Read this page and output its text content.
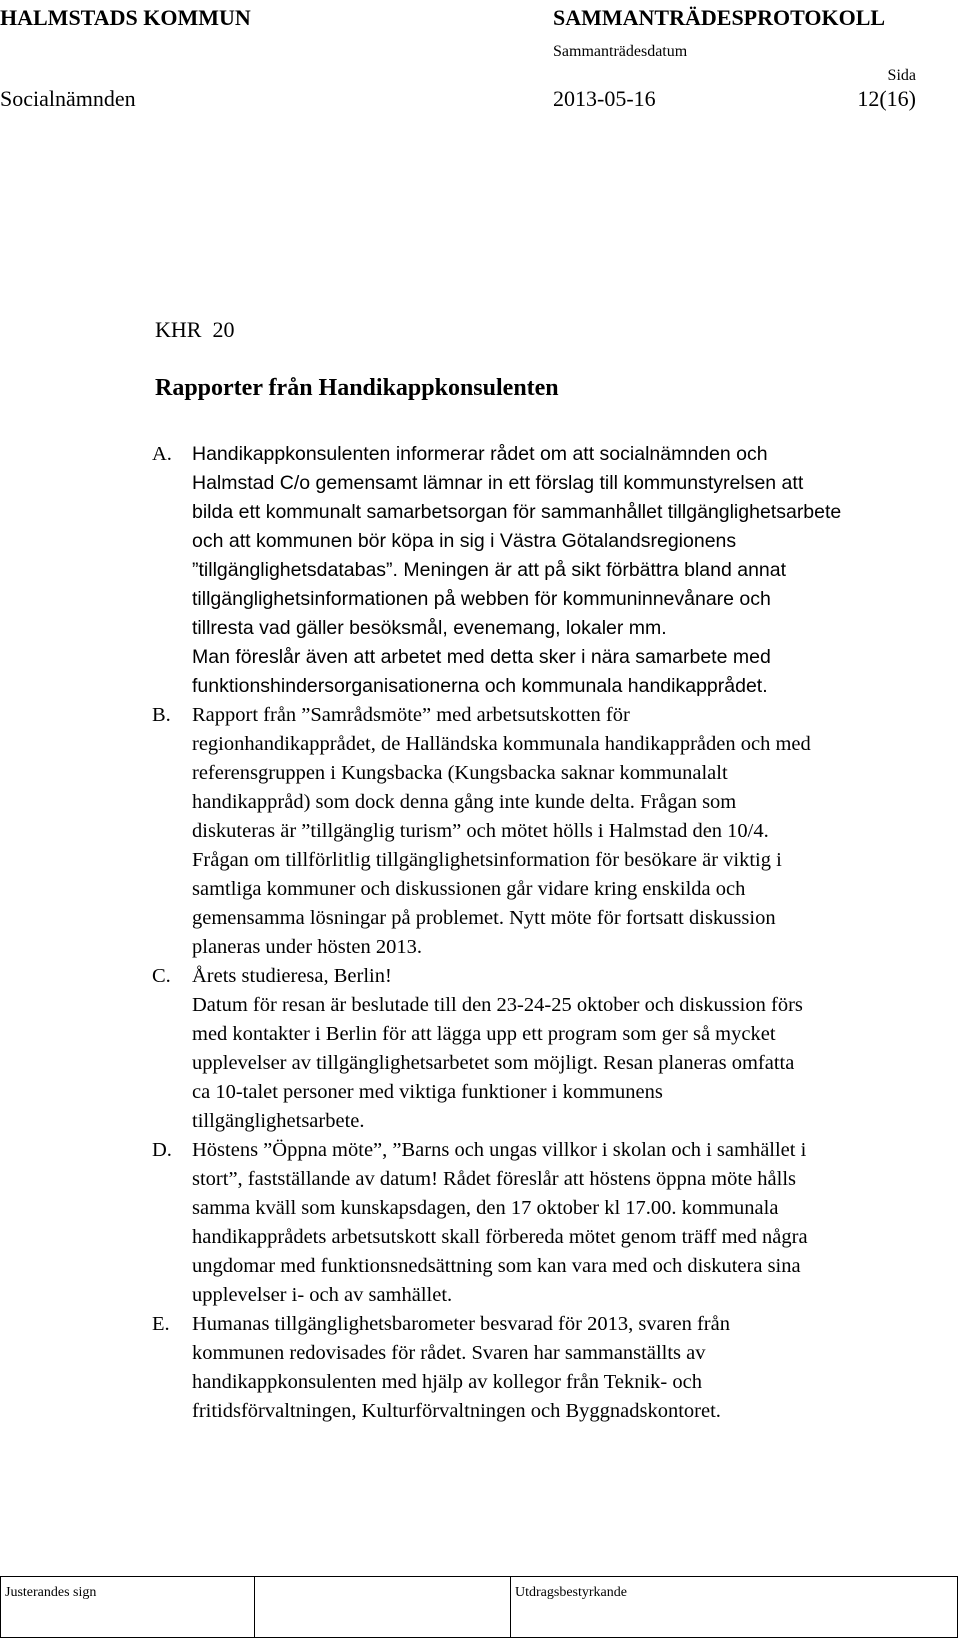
HALMSTADS KOMMUN	SAMMANTRÄDESPROTOKOLL
Sammanträdesdatum
Sida
Socialnämnden	2013-05-16	12(16)
KHR  20
Rapporter från Handikappkonsulenten
A.	Handikappkonsulenten informerar rådet om att socialnämnden och
Halmstad C/o gemensamt lämnar in ett förslag till kommunstyrelsen att
bilda ett kommunalt samarbetsorgan för sammanhållet tillgänglighetsarbete
och att kommunen bör köpa in sig i Västra Götalandsregionens
”tillgänglighetsdatabas”. Meningen är att på sikt förbättra bland annat
tillgänglighetsinformationen på webben för kommuninnevånare och
tillresta vad gäller besöksmål, evenemang, lokaler mm.
Man föreslår även att arbetet med detta sker i nära samarbete med
funktionshindersorganisationerna och kommunala handikapprådet.
B.	Rapport från ”Samrådsmöte” med arbetsutskotten för
regionhandikapprådet, de Halländska kommunala handikappråden och med
referensgruppen i Kungsbacka (Kungsbacka saknar kommunalalt
handikappråd) som dock denna gång inte kunde delta. Frågan som
diskuteras är ”tillgänglig turism” och mötet hölls i Halmstad den 10/4.
Frågan om tillförlitlig tillgänglighetsinformation för besökare är viktig i
samtliga kommuner och diskussionen går vidare kring enskilda och
gemensamma lösningar på problemet. Nytt möte för fortsatt diskussion
planeras under hösten 2013.
C.	Årets studieresa, Berlin!
Datum för resan är beslutade till den 23-24-25 oktober och diskussion förs
med kontakter i Berlin för att lägga upp ett program som ger så mycket
upplevelser av tillgänglighetsarbetet som möjligt. Resan planeras omfatta
ca 10-talet personer med viktiga funktioner i kommunens
tillgänglighetsarbete.
D. Höstens ”Öppna möte”, ”Barns och ungas villkor i skolan och i samhället i
stort”, fastställande av datum! Rådet föreslår att höstens öppna möte hålls
samma kväll som kunskapsdagen, den 17 oktober kl 17.00. kommunala
handikapprådets arbetsutskott skall förbereda mötet genom träff med några
ungdomar med funktionsnedsättning som kan vara med och diskutera sina
upplevelser i- och av samhället.
E.	Humanas tillgänglighetsbarometer besvarad för 2013, svaren från
kommunen redovisades för rådet. Svaren har sammanställts av
handikappkonsulenten med hjälp av kollegor från Teknik- och
fritidsförvaltningen, Kulturförvaltningen och Byggnadskontoret.
Justerandes sign	Utdragsbestyrkande
